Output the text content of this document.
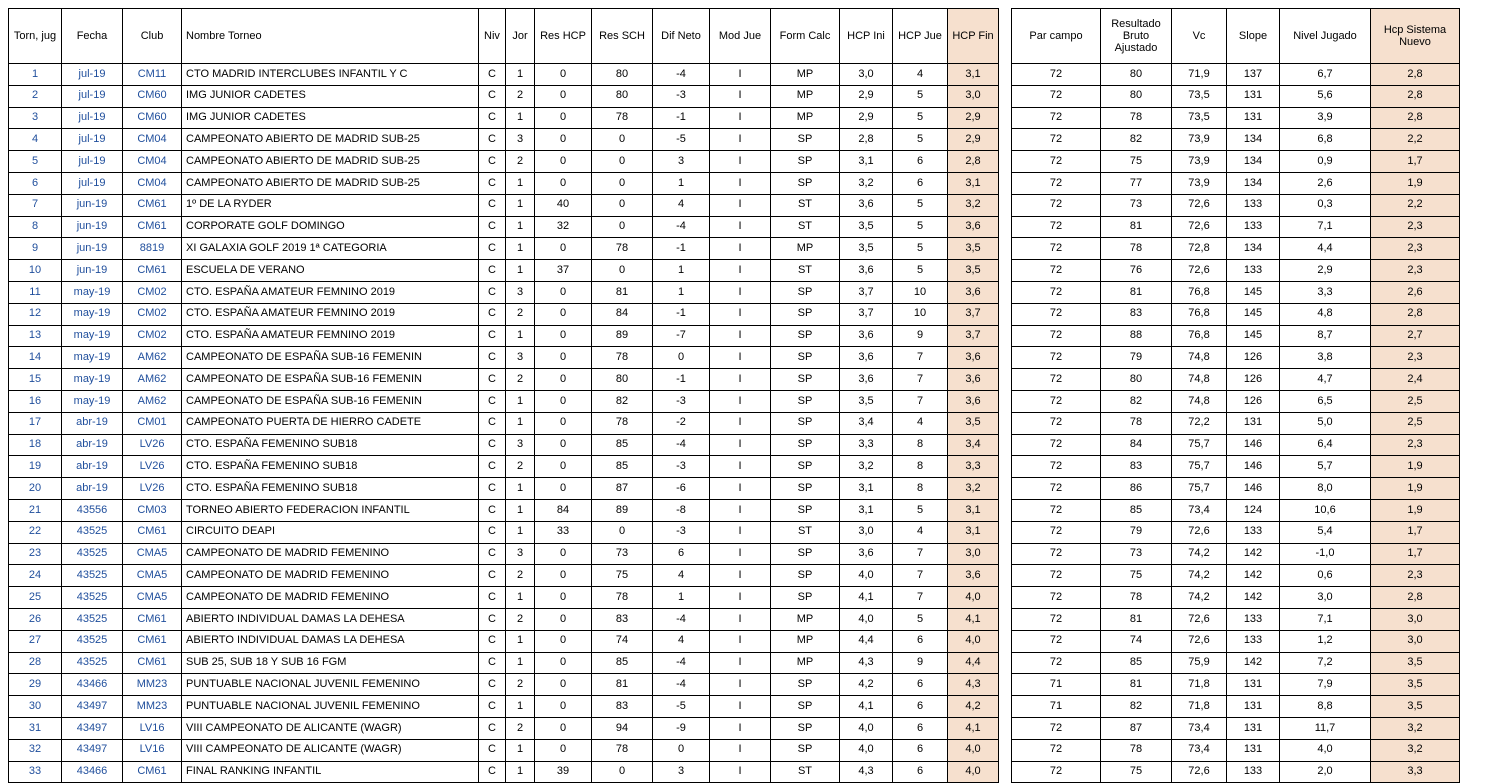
Torn, jug	Fecha	Club	Nombre Torneo	Niv	Jor	Res HCP	Res SCH	Dif Neto	Mod Jue	Form Calc	HCP Ini	HCP Jue	HCP Fin
1	jul-19	CM11	CTO MADRID INTERCLUBES INFANTIL Y C	C	1	0	80	-4	I	MP	3,0	4	3,1
2	jul-19	CM60	IMG JUNIOR CADETES	C	2	0	80	-3	I	MP	2,9	5	3,0
3	jul-19	CM60	IMG JUNIOR CADETES	C	1	0	78	-1	I	MP	2,9	5	2,9
4	jul-19	CM04	CAMPEONATO ABIERTO DE MADRID SUB-25	C	3	0	0	-5	I	SP	2,8	5	2,9
5	jul-19	CM04	CAMPEONATO ABIERTO DE MADRID SUB-25	C	2	0	0	3	I	SP	3,1	6	2,8
6	jul-19	CM04	CAMPEONATO ABIERTO DE MADRID SUB-25	C	1	0	0	1	I	SP	3,2	6	3,1
7	jun-19	CM61	1º DE LA RYDER	C	1	40	0	4	I	ST	3,6	5	3,2
8	jun-19	CM61	CORPORATE GOLF DOMINGO	C	1	32	0	-4	I	ST	3,5	5	3,6
9	jun-19	8819	XI GALAXIA GOLF 2019 1ª CATEGORIA	C	1	0	78	-1	I	MP	3,5	5	3,5
10	jun-19	CM61	ESCUELA DE VERANO	C	1	37	0	1	I	ST	3,6	5	3,5
11	may-19	CM02	CTO. ESPAÑA AMATEUR FEMNINO 2019	C	3	0	81	1	I	SP	3,7	10	3,6
12	may-19	CM02	CTO. ESPAÑA AMATEUR FEMNINO 2019	C	2	0	84	-1	I	SP	3,7	10	3,7
13	may-19	CM02	CTO. ESPAÑA AMATEUR FEMNINO 2019	C	1	0	89	-7	I	SP	3,6	9	3,7
14	may-19	AM62	CAMPEONATO DE ESPAÑA SUB-16 FEMENIN	C	3	0	78	0	I	SP	3,6	7	3,6
15	may-19	AM62	CAMPEONATO DE ESPAÑA SUB-16 FEMENIN	C	2	0	80	-1	I	SP	3,6	7	3,6
16	may-19	AM62	CAMPEONATO DE ESPAÑA SUB-16 FEMENIN	C	1	0	82	-3	I	SP	3,5	7	3,6
17	abr-19	CM01	CAMPEONATO PUERTA DE HIERRO CADETE	C	1	0	78	-2	I	SP	3,4	4	3,5
18	abr-19	LV26	CTO. ESPAÑA FEMENINO SUB18	C	3	0	85	-4	I	SP	3,3	8	3,4
19	abr-19	LV26	CTO. ESPAÑA FEMENINO SUB18	C	2	0	85	-3	I	SP	3,2	8	3,3
20	abr-19	LV26	CTO. ESPAÑA FEMENINO SUB18	C	1	0	87	-6	I	SP	3,1	8	3,2
21	43556	CM03	TORNEO ABIERTO FEDERACION INFANTIL	C	1	84	89	-8	I	SP	3,1	5	3,1
22	43525	CM61	CIRCUITO DEAPI	C	1	33	0	-3	I	ST	3,0	4	3,1
23	43525	CMA5	CAMPEONATO DE MADRID FEMENINO	C	3	0	73	6	I	SP	3,6	7	3,0
24	43525	CMA5	CAMPEONATO DE MADRID FEMENINO	C	2	0	75	4	I	SP	4,0	7	3,6
25	43525	CMA5	CAMPEONATO DE MADRID FEMENINO	C	1	0	78	1	I	SP	4,1	7	4,0
26	43525	CM61	ABIERTO INDIVIDUAL DAMAS LA DEHESA	C	2	0	83	-4	I	MP	4,0	5	4,1
27	43525	CM61	ABIERTO INDIVIDUAL DAMAS LA DEHESA	C	1	0	74	4	I	MP	4,4	6	4,0
28	43525	CM61	SUB 25, SUB 18 Y SUB 16 FGM	C	1	0	85	-4	I	MP	4,3	9	4,4
29	43466	MM23	PUNTUABLE NACIONAL JUVENIL FEMENINO	C	2	0	81	-4	I	SP	4,2	6	4,3
30	43497	MM23	PUNTUABLE NACIONAL JUVENIL FEMENINO	C	1	0	83	-5	I	SP	4,1	6	4,2
31	43497	LV16	VIII CAMPEONATO DE ALICANTE (WAGR)	C	2	0	94	-9	I	SP	4,0	6	4,1
32	43497	LV16	VIII CAMPEONATO DE ALICANTE (WAGR)	C	1	0	78	0	I	SP	4,0	6	4,0
33	43466	CM61	FINAL RANKING INFANTIL	C	1	39	0	3	I	ST	4,3	6	4,0
Par campo	Resultado Bruto Ajustado	Vc	Slope	Nivel Jugado	Hcp Sistema Nuevo
72	80	71,9	137	6,7	2,8
72	80	73,5	131	5,6	2,8
72	78	73,5	131	3,9	2,8
72	82	73,9	134	6,8	2,2
72	75	73,9	134	0,9	1,7
72	77	73,9	134	2,6	1,9
72	73	72,6	133	0,3	2,2
72	81	72,6	133	7,1	2,3
72	78	72,8	134	4,4	2,3
72	76	72,6	133	2,9	2,3
72	81	76,8	145	3,3	2,6
72	83	76,8	145	4,8	2,8
72	88	76,8	145	8,7	2,7
72	79	74,8	126	3,8	2,3
72	80	74,8	126	4,7	2,4
72	82	74,8	126	6,5	2,5
72	78	72,2	131	5,0	2,5
72	84	75,7	146	6,4	2,3
72	83	75,7	146	5,7	1,9
72	86	75,7	146	8,0	1,9
72	85	73,4	124	10,6	1,9
72	79	72,6	133	5,4	1,7
72	73	74,2	142	-1,0	1,7
72	75	74,2	142	0,6	2,3
72	78	74,2	142	3,0	2,8
72	81	72,6	133	7,1	3,0
72	74	72,6	133	1,2	3,0
72	85	75,9	142	7,2	3,5
71	81	71,8	131	7,9	3,5
71	82	71,8	131	8,8	3,5
72	87	73,4	131	11,7	3,2
72	78	73,4	131	4,0	3,2
72	75	72,6	133	2,0	3,3
